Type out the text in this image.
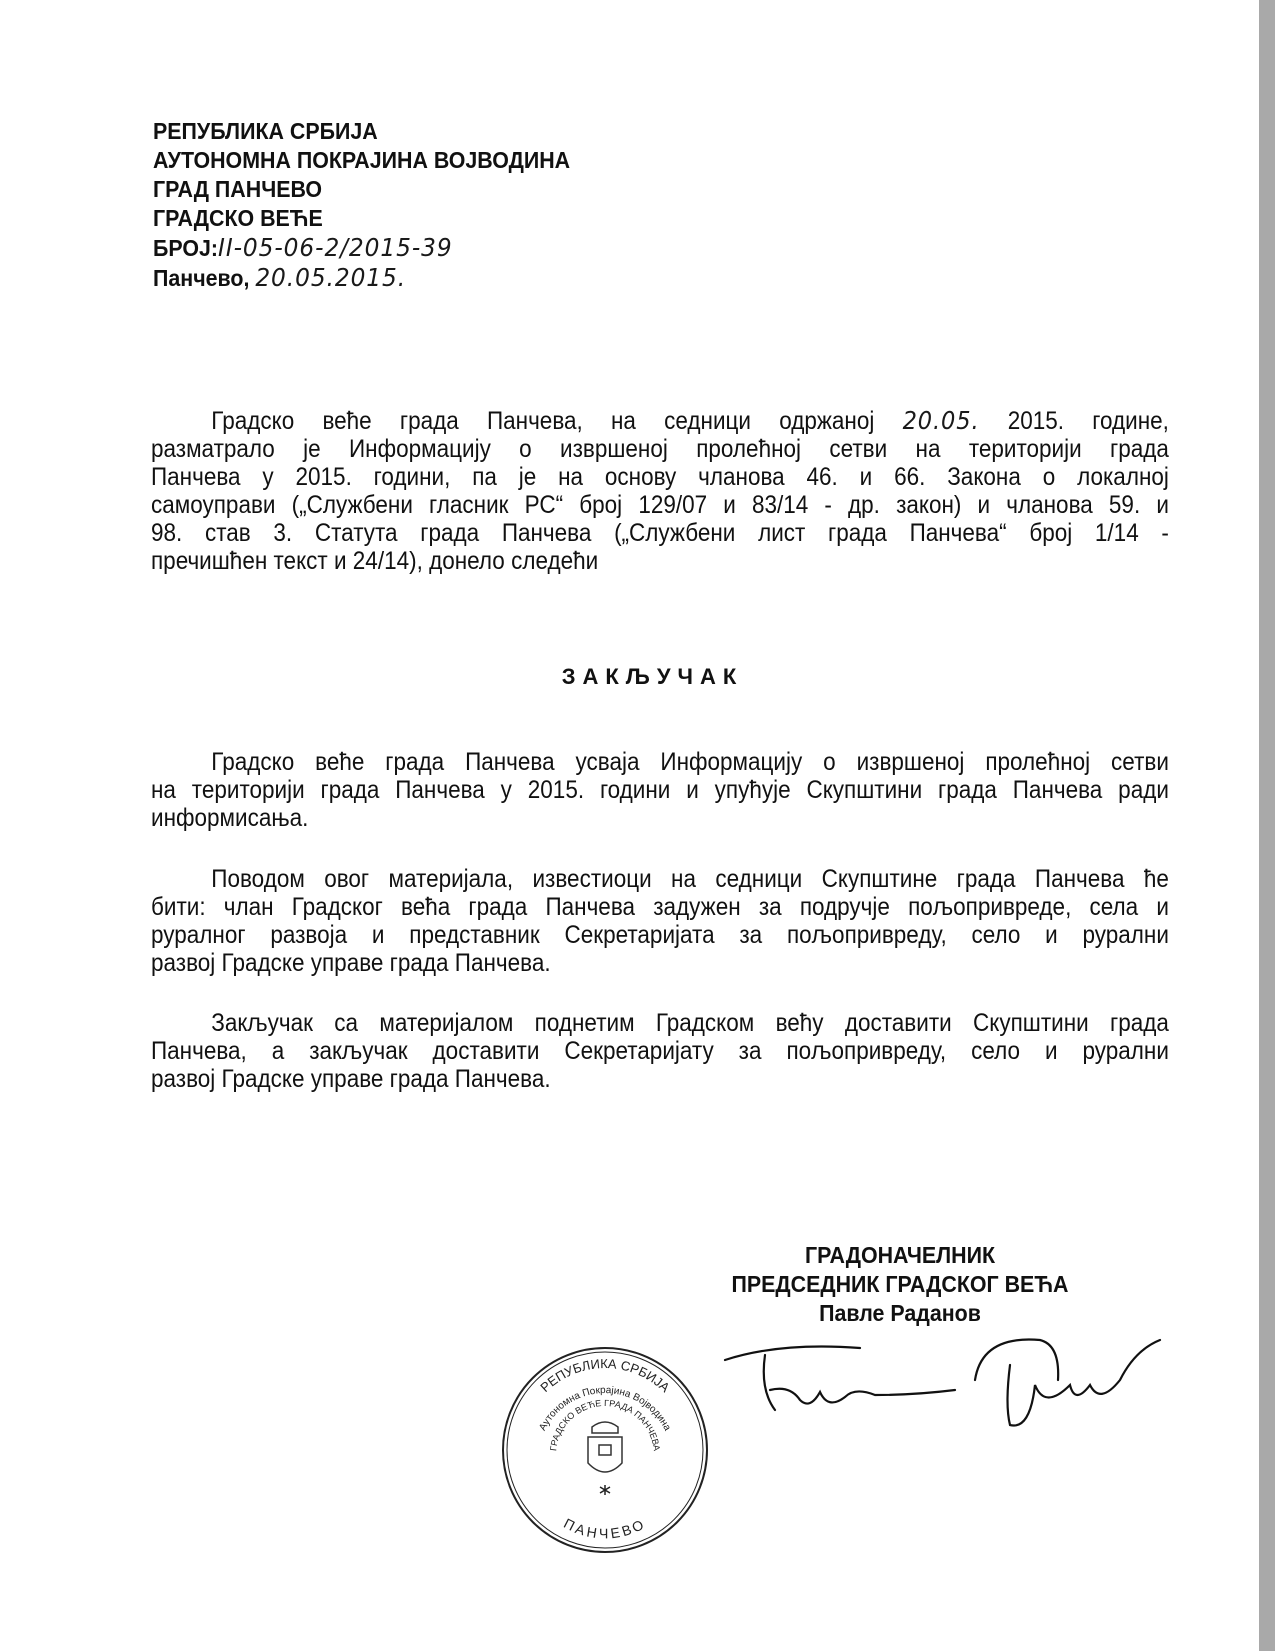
РЕПУБЛИКА СРБИЈА
АУТОНОМНА ПОКРАЈИНА ВОЈВОДИНА
ГРАД ПАНЧЕВО
ГРАДСКО ВЕЋЕ
БРОЈ:II-05-06-2/2015-39
Панчево, 20.05.2015.
Градско веће града Панчева, на седници одржаној 20.05. 2015. године,
разматрало је Информацију о извршеној пролећној сетви на територији града
Панчева у 2015. години, па је на основу чланова 46. и 66. Закона о локалној
самоуправи („Службени гласник РС“ број 129/07 и 83/14 - др. закон) и чланова 59. и
98. став 3. Статута града Панчева („Службени лист града Панчева“ број 1/14 -
пречишћен текст и 24/14), донело следећи
ЗАКЉУЧАК
Градско веће града Панчева усваја Информацију о извршеној пролећној сетви
на територији града Панчева у 2015. години и упућује Скупштини града Панчева ради
информисања.
Поводом овог материјала, известиоци на седници Скупштине града Панчева ће
бити: члан Градског већа града Панчева задужен за подручје пољопривреде, села и
руралног развоја и представник Секретаријата за пољопривреду, село и рурални
развој Градске управе града Панчева.
Закључак са материјалом поднетим Градском већу доставити Скупштини града
Панчева, а закључак доставити Секретаријату за пољопривреду, село и рурални
развој Градске управе града Панчева.
РЕПУБЛИКА СРБИЈА
Аутономна Покрајина Војводина
ГРАДСКО ВЕЋЕ ГРАДА ПАНЧЕВА
ПАНЧЕВО
ГРАДОНАЧЕЛНИК
ПРЕДСЕДНИК ГРАДСКОГ ВЕЋА
Павле Раданов
